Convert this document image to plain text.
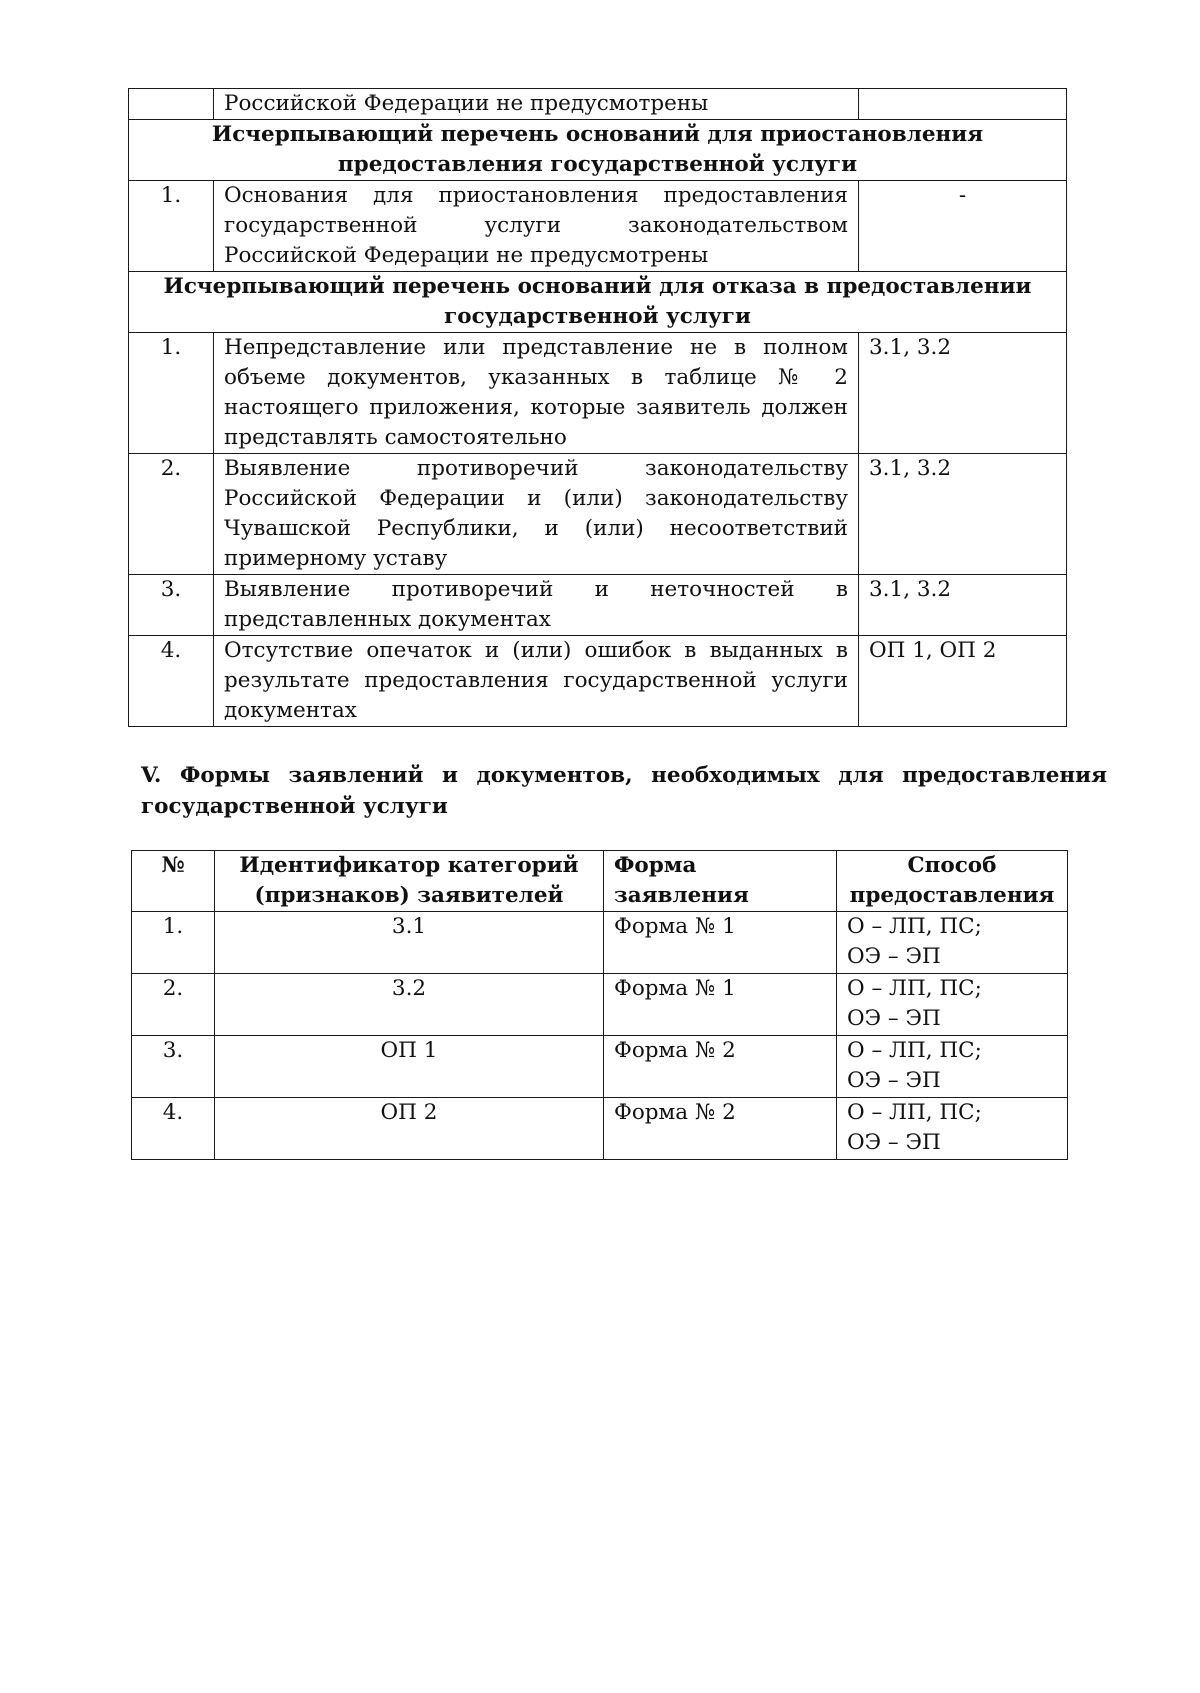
	Российской Федерации не предусмотрены	
Исчерпывающий перечень оснований для приостановления предоставления государственной услуги		
1.	Основания для приостановления предоставления государственной услуги законодательством Российской Федерации не предусмотрены	-
Исчерпывающий перечень оснований для отказа в предоставлении государственной услуги		
1.	Непредставление или представление не в полном объеме документов, указанных в таблице № 2 настоящего приложения, которые заявитель должен представлять самостоятельно	3.1, 3.2
2.	Выявление противоречий законодательству Российской Федерации и (или) законодательству Чувашской Республики, и (или) несоответствий примерному уставу	3.1, 3.2
3.	Выявление противоречий и неточностей в представленных документах	3.1, 3.2
4.	Отсутствие опечаток и (или) ошибок в выданных в результате предоставления государственной услуги документах	ОП 1, ОП 2
V. Формы заявлений и документов, необходимых для предоставления государственной услуги
№	Идентификатор категорий (признаков) заявителей	Форма заявления	Способ предоставления
1.	3.1	Форма № 1	О – ЛП, ПС;
ОЭ – ЭП

2.	3.2	Форма № 1	О – ЛП, ПС;
ОЭ – ЭП

3.	ОП 1	Форма № 2	О – ЛП, ПС;
ОЭ – ЭП

4.	ОП 2	Форма № 2	О – ЛП, ПС;
ОЭ – ЭП
